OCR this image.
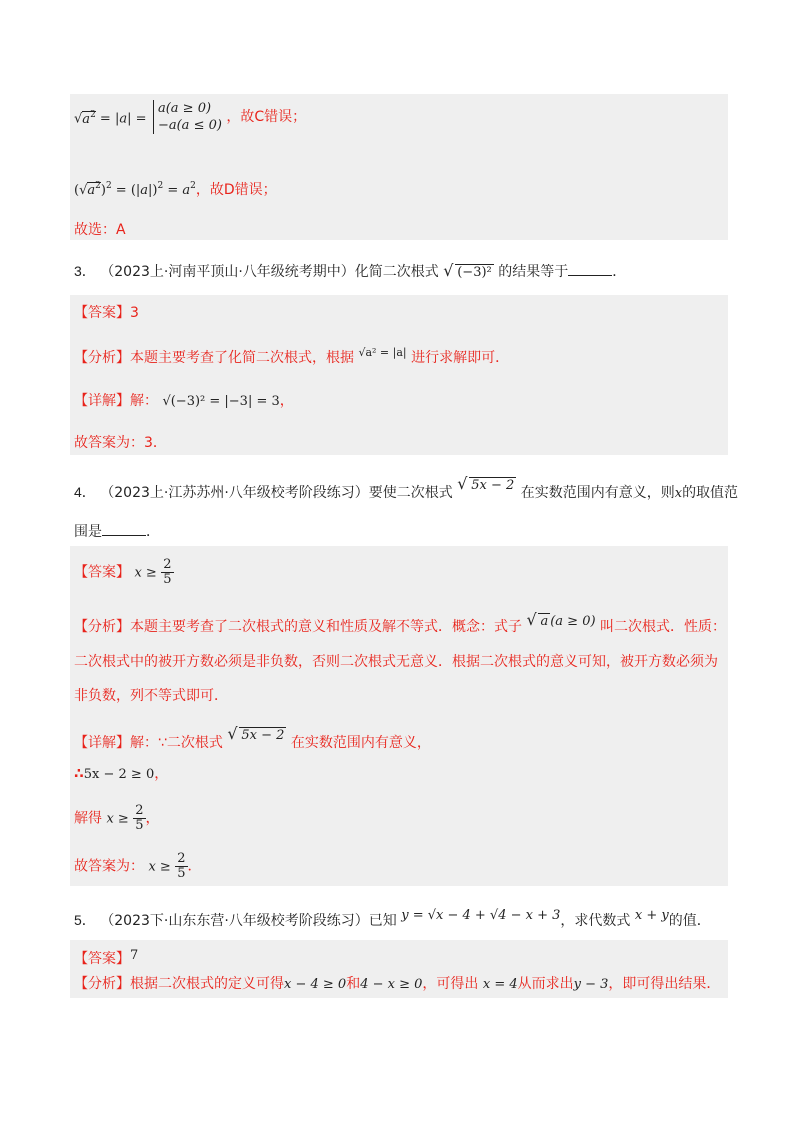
$√a^2 = |a|$ =
a(a ≥ 0)
−a(a ≤ 0)
，故C错误；
$(√a^2)^2 = (|a|)^2 = a^2$，故D错误；
故选：A
3． （2023上·河南平顶山·八年级统考期中）化简二次根式 √ (−3)² 的结果等于	．
【答案】3
【分析】本题主要考查了化简二次根式，根据 $^{√a^2 = |a|}$ 进行求解即可．
【详解】解： √(−3)² = |−3| = 3，
故答案为：3．
4． （2023上·江苏苏州·八年级校考阶段练习）要使二次根式 √ 5x − 2 在实数范围内有意义，则x的取值范
围是	．
【答案】 $x \ge \frac{2}{5}$
【分析】本题主要考查了二次根式的意义和性质及解不等式．概念：式子 √ a (a ≥ 0) 叫二次根式．性质：
二次根式中的被开方数必须是非负数，否则二次根式无意义．根据二次根式的意义可知，被开方数必须为
非负数，列不等式即可．
【详解】解：∵二次根式 √ 5x − 2 在实数范围内有意义，
∴5x − 2 ≥ 0，
解得 $x \ge \frac{2}{5}$ ，
故答案为： $x \ge \frac{2}{5}$ ．
5． （2023下·山东东营·八年级校考阶段练习）已知 y = √x − 4 + √4 − x + 3，求代数式 x + y的值．
【答案】7
【分析】根据二次根式的定义可得x − 4 ≥ 0和4 − x ≥ 0，可得出 x = 4从而求出y − 3，即可得出结果．
